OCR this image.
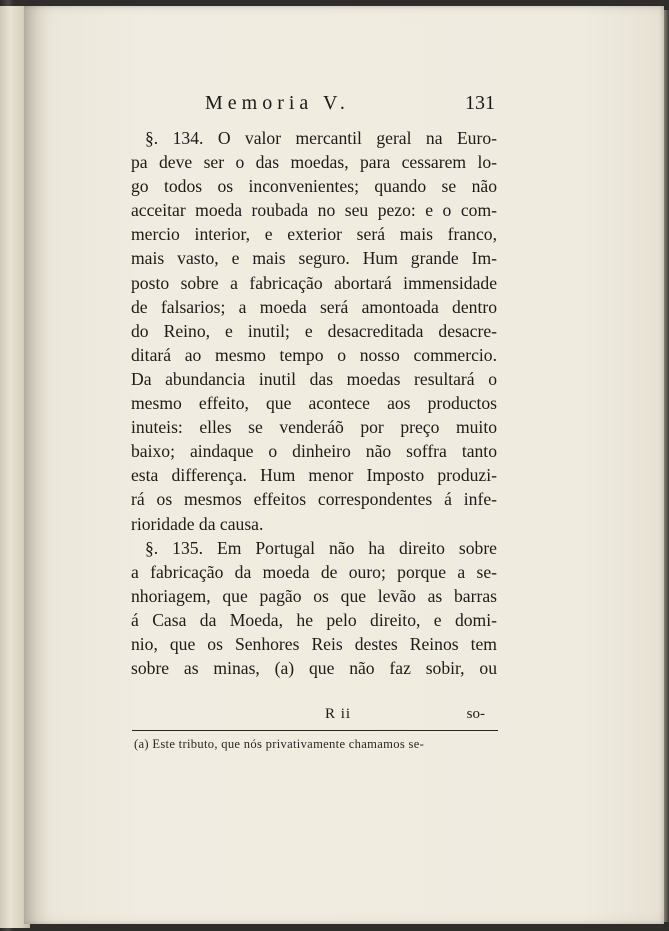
Memoria V.	131
§. 134. O valor mercantil geral na Euro-
pa deve ser o das moedas, para cessarem lo-
go todos os inconvenientes; quando se não
acceitar moeda roubada no seu pezo: e o com-
mercio interior, e exterior será mais franco,
mais vasto, e mais seguro. Hum grande Im-
posto sobre a fabricação abortará immensidade
de falsarios; a moeda será amontoada dentro
do Reino, e inutil; e desacreditada desacre-
ditará ao mesmo tempo o nosso commercio.
Da abundancia inutil das moedas resultará o
mesmo effeito, que acontece aos productos
inuteis: elles se venderáõ por preço muito
baixo; aindaque o dinheiro não soffra tanto
esta differença. Hum menor Imposto produzi-
rá os mesmos effeitos correspondentes á infe-
rioridade da causa.
§. 135. Em Portugal não ha direito sobre
a fabricação da moeda de ouro; porque a se-
nhoriagem, que pagão os que levão as barras
á Casa da Moeda, he pelo direito, e domi-
nio, que os Senhores Reis destes Reinos tem
sobre as minas, (a) que não faz sobir, ou
R ii	so-
(a) Este tributo, que nós privativamente chamamos se-
